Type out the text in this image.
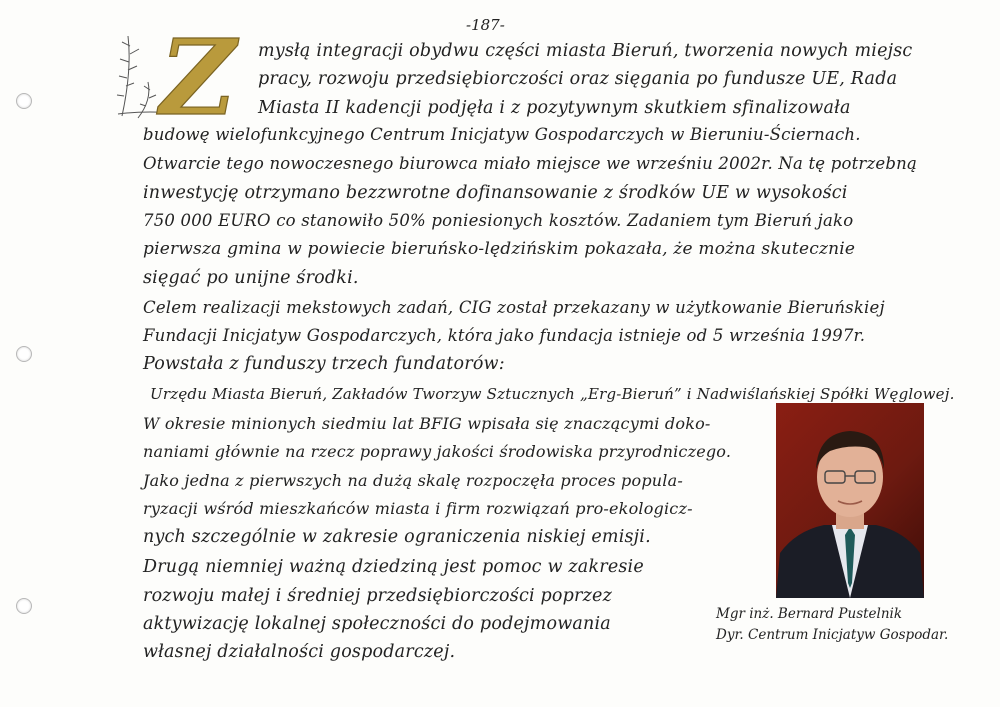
-187-
Z mysłą integracji obydwu części miasta Bieruń, tworzenia nowych miejsc
pracy, rozwoju przedsiębiorczości oraz sięgania po fundusze UE, Rada
Miasta II kadencji podjęła i z pozytywnym skutkiem sfinalizowała
budowę wielofunkcyjnego Centrum Inicjatyw Gospodarczych w Bieruniu-Ściernach.
Otwarcie tego nowoczesnego biurowca miało miejsce we wrześniu 2002r. Na tę potrzebną
inwestycję otrzymano bezzwrotne dofinansowanie z środków UE w wysokości
750 000 EURO co stanowiło 50% poniesionych kosztów. Zadaniem tym Bieruń jako
pierwsza gmina w powiecie bieruńsko-lędzińskim pokazała, że można skutecznie
sięgać po unijne środki.
Celem realizacji mekstowych zadań, CIG został przekazany w użytkowanie Bieruńskiej
Fundacji Inicjatyw Gospodarczych, która jako fundacja istnieje od 5 września 1997r.
Powstała z funduszy trzech fundatorów:
Urzędu Miasta Bieruń, Zakładów Tworzyw Sztucznych „Erg-Bieruń” i Nadwiślańskiej Spółki Węglowej.
W okresie minionych siedmiu lat BFIG wpisała się znaczącymi doko-
naniami głównie na rzecz poprawy jakości środowiska przyrodniczego.
Jako jedna z pierwszych na dużą skalę rozpoczęła proces popula-
ryzacji wśród mieszkańców miasta i firm rozwiązań pro-ekologicz-
nych szczególnie w zakresie ograniczenia niskiej emisji.
Drugą niemniej ważną dziedziną jest pomoc w zakresie
rozwoju małej i średniej przedsiębiorczości poprzez
aktywizację lokalnej społeczności do podejmowania
własnej działalności gospodarczej.
Mgr inż. Bernard Pustelnik
Dyr. Centrum Inicjatyw Gospodar.
